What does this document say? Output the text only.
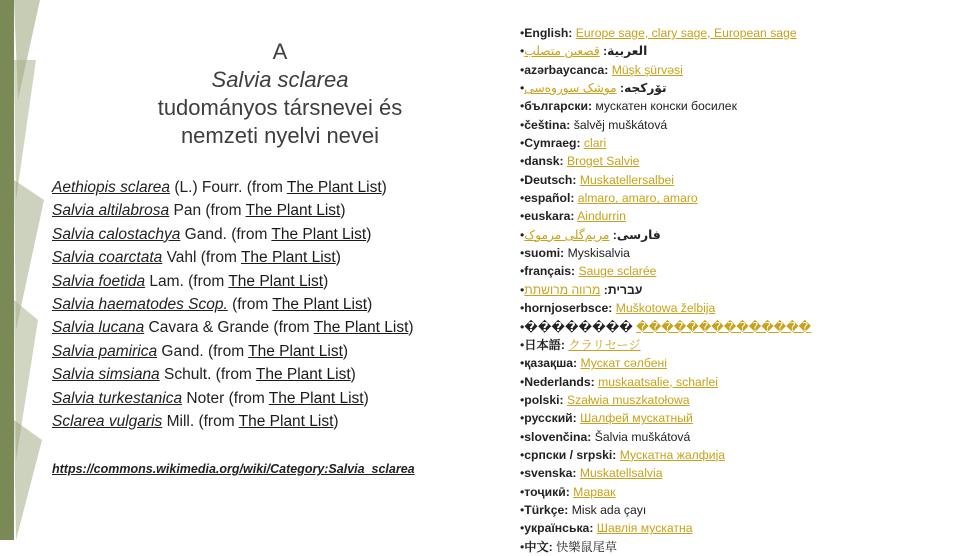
A
Salvia sclarea
tudományos társnevei és
nemzeti nyelvi nevei
Aethiopis sclarea (L.) Fourr. (from The Plant List)
Salvia altilabrosa Pan (from The Plant List)
Salvia calostachya Gand. (from The Plant List)
Salvia coarctata Vahl (from The Plant List)
Salvia foetida Lam. (from The Plant List)
Salvia haematodes Scop. (from The Plant List)
Salvia lucana Cavara & Grande (from The Plant List)
Salvia pamirica Gand. (from The Plant List)
Salvia simsiana Schult. (from The Plant List)
Salvia turkestanica Noter (from The Plant List)
Sclarea vulgaris Mill. (from The Plant List)
https://commons.wikimedia.org/wiki/Category:Salvia_sclarea
•English: Europe sage, clary sage, European sage
•	العربية: قصعين متصلب
•azərbaycanca: Müşk şürvəsi
•	تۆرکجه: موشک سوروه‌سی
•български: мускатен конски босилек
•čeština: šalvěj muškátová
•Cymraeg: clari
•dansk: Broget Salvie
•Deutsch: Muskatellersalbei
•español: almaro, amaro, amaro
•euskara: Aindurrin
•	فارسی: مریم‌گلی مرموک
•suomi: Myskisalvia
•français: Sauge sclarée
•	עברית: מרווה מרושתת
•hornjoserbsce: Muškotowa želbija
•�������� ��������������
•日本語: クラリセージ
•қазақша: Мускат сәлбені
•Nederlands: muskaatsalie, scharlei
•polski: Szałwia muszkatołowa
•русский: Шалфей мускатный
•slovenčina: Šalvia muškátová
•српски / srpski: Мускатна жалфија
•svenska: Muskatellsalvia
•тоҷикӣ: Марвак
•Türkçe: Misk ada çayı
•українська: Шавлія мускатна
•中文: 快樂鼠尾草
